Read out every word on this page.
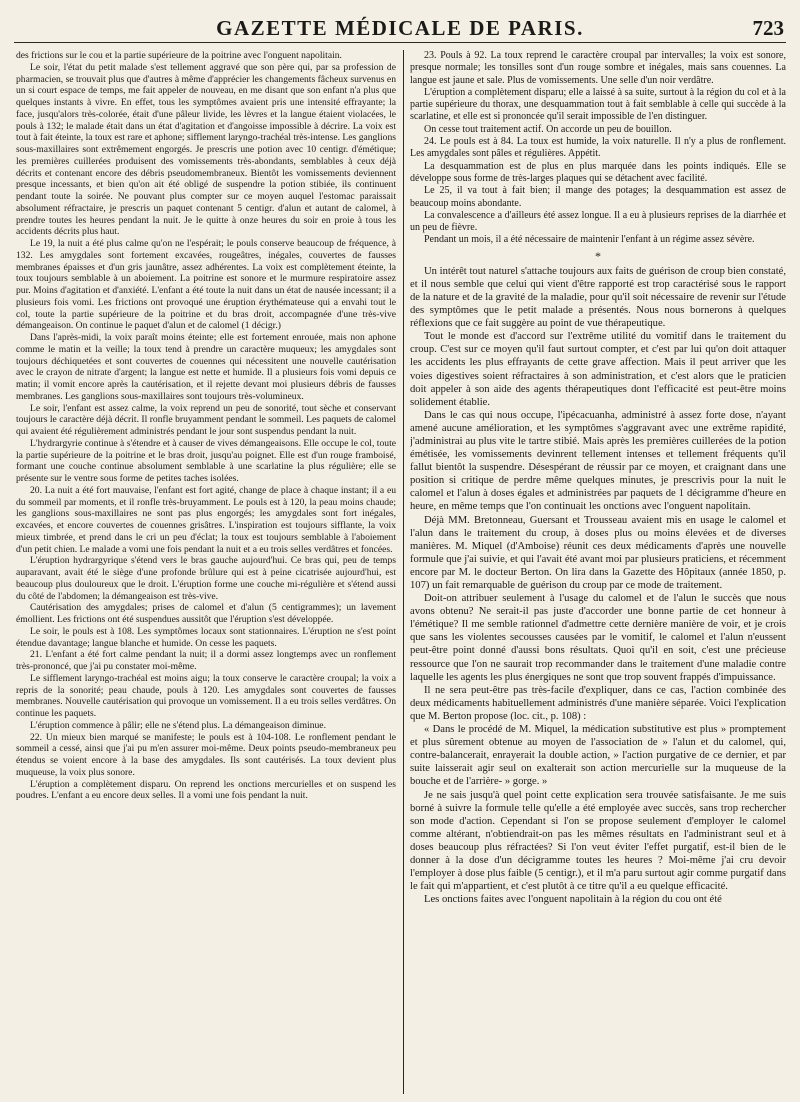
GAZETTE MÉDICALE DE PARIS.	723

des frictions sur le cou et la partie supérieure de la poitrine avec l'onguent napolitain.

Le soir, l'état du petit malade s'est tellement aggravé que son père qui, par sa profession de pharmacien, se trouvait plus que d'autres à même d'apprécier les changements fâcheux survenus en un si court espace de temps, me fait appeler de nouveau, en me disant que son enfant n'a plus que quelques instants à vivre. En effet, tous les symptômes avaient pris une intensité effrayante; la face, jusqu'alors très-colorée, était d'une pâleur livide, les lèvres et la langue étaient violacées, le pouls à 132; le malade était dans un état d'agitation et d'angoisse impossible à décrire. La voix est tout à fait éteinte, la toux est rare et aphone; sifflement laryngo-trachéal très-intense. Les ganglions sous-maxillaires sont extrêmement engorgés. Je prescris une potion avec 10 centigr. d'émétique; les premières cuillerées produisent des vomissements très-abondants, semblables à ceux déjà décrits et contenant encore des débris pseudomembraneux. Bientôt les vomissements deviennent presque incessants, et bien qu'on ait été obligé de suspendre la potion stibiée, ils continuent pendant toute la soirée. Ne pouvant plus compter sur ce moyen auquel l'estomac paraissait absolument réfractaire, je prescris un paquet contenant 5 centigr. d'alun et autant de calomel, à prendre toutes les heures pendant la nuit. Je le quitte à onze heures du soir en proie à tous les accidents décrits plus haut.

Le 19, la nuit a été plus calme qu'on ne l'espérait; le pouls conserve beaucoup de fréquence, à 132. Les amygdales sont fortement excavées, rougeâtres, inégales, couvertes de fausses membranes épaisses et d'un gris jaunâtre, assez adhérentes. La voix est complètement éteinte, la toux toujours semblable à un aboiement. La poitrine est sonore et le murmure respiratoire assez pur. Moins d'agitation et d'anxiété. L'enfant a été toute la nuit dans un état de nausée incessant; il a plusieurs fois vomi. Les frictions ont provoqué une éruption érythémateuse qui a envahi tout le col, toute la partie supérieure de la poitrine et du bras droit, accompagnée d'une très-vive démangeaison. On continue le paquet d'alun et de calomel (1 décigr.)

Dans l'après-midi, la voix paraît moins éteinte; elle est fortement enrouée, mais non aphone comme le matin et la veille; la toux tend à prendre un caractère muqueux; les amygdales sont toujours déchiquetées et sont couvertes de couennes qui nécessitent une nouvelle cautérisation avec le crayon de nitrate d'argent; la langue est nette et humide. Il a plusieurs fois vomi depuis ce matin; il vomit encore après la cautérisation, et il rejette devant moi plusieurs débris de fausses membranes. Les ganglions sous-maxillaires sont toujours très-volumineux.

Le soir, l'enfant est assez calme, la voix reprend un peu de sonorité, tout sèche et conservant toujours le caractère déjà décrit. Il ronfle bruyamment pendant le sommeil. Les paquets de calomel qui avaient été régulièrement administrés pendant le jour sont suspendus pendant la nuit.

L'hydrargyrie continue à s'étendre et à causer de vives démangeaisons. Elle occupe le col, toute la partie supérieure de la poitrine et le bras droit, jusqu'au poignet. Elle est d'un rouge framboisé, formant une couche continue absolument semblable à une scarlatine la plus régulière; elle se présente sur le ventre sous forme de petites taches isolées.

20. La nuit a été fort mauvaise, l'enfant est fort agité, change de place à chaque instant; il a eu du sommeil par moments, et il ronfle très-bruyamment. Le pouls est à 120, la peau moins chaude; les ganglions sous-maxillaires ne sont pas plus engorgés; les amygdales sont fort inégales, excavées, et encore couvertes de couennes grisâtres. L'inspiration est toujours sifflante, la voix mieux timbrée, et prend dans le cri un peu d'éclat; la toux est toujours semblable à l'aboiement d'un petit chien. Le malade a vomi une fois pendant la nuit et a eu trois selles verdâtres et foncées.

L'éruption hydrargyrique s'étend vers le bras gauche aujourd'hui. Ce bras qui, peu de temps auparavant, avait été le siège d'une profonde brûlure qui est à peine cicatrisée aujourd'hui, est beaucoup plus douloureux que le droit. L'éruption forme une couche mi-régulière et s'étend aussi du côté de l'abdomen; la démangeaison est très-vive.

Cautérisation des amygdales; prises de calomel et d'alun (5 centigrammes); un lavement émollient. Les frictions ont été suspendues aussitôt que l'éruption s'est développée.

Le soir, le pouls est à 108. Les symptômes locaux sont stationnaires. L'éruption ne s'est point étendue davantage; langue blanche et humide. On cesse les paquets.

21. L'enfant a été fort calme pendant la nuit; il a dormi assez longtemps avec un ronflement très-prononcé, que j'ai pu constater moi-même.

Le sifflement laryngo-trachéal est moins aigu; la toux conserve le caractère croupal; la voix a repris de la sonorité; peau chaude, pouls à 120. Les amygdales sont couvertes de fausses membranes. Nouvelle cautérisation qui provoque un vomissement. Il a eu trois selles verdâtres. On continue les paquets.

L'éruption commence à pâlir; elle ne s'étend plus. La démangeaison diminue.

22. Un mieux bien marqué se manifeste; le pouls est à 104-108. Le ronflement pendant le sommeil a cessé, ainsi que j'ai pu m'en assurer moi-même. Deux points pseudo-membraneux peu étendus se voient encore à la base des amygdales. Ils sont cautérisés. La toux devient plus muqueuse, la voix plus sonore.

L'éruption a complètement disparu. On reprend les onctions mercurielles et on suspend les poudres. L'enfant a eu encore deux selles. Il a vomi une fois pendant la nuit.

23. Pouls à 92. La toux reprend le caractère croupal par intervalles; la voix est sonore, presque normale; les tonsilles sont d'un rouge sombre et inégales, mais sans couennes. La langue est jaune et sale. Plus de vomissements. Une selle d'un noir verdâtre.

L'éruption a complètement disparu; elle a laissé à sa suite, surtout à la région du col et à la partie supérieure du thorax, une desquammation tout à fait semblable à celle qui succède à la scarlatine, et elle est si prononcée qu'il serait impossible de l'en distinguer.

On cesse tout traitement actif. On accorde un peu de bouillon.

24. Le pouls est à 84. La toux est humide, la voix naturelle. Il n'y a plus de ronflement. Les amygdales sont pâles et régulières. Appétit.

La desquammation est de plus en plus marquée dans les points indiqués. Elle se développe sous forme de très-larges plaques qui se détachent avec facilité.

Le 25, il va tout à fait bien; il mange des potages; la desquammation est assez de beaucoup moins abondante.

La convalescence a d'ailleurs été assez longue. Il a eu à plusieurs reprises de la diarrhée et un peu de fièvre.

Pendant un mois, il a été nécessaire de maintenir l'enfant à un régime assez sévère.

*

Un intérêt tout naturel s'attache toujours aux faits de guérison de croup bien constaté, et il nous semble que celui qui vient d'être rapporté est trop caractérisé sous le rapport de la nature et de la gravité de la maladie, pour qu'il soit nécessaire de revenir sur l'étude des symptômes que le petit malade a présentés. Nous nous bornerons à quelques réflexions que ce fait suggère au point de vue thérapeutique.

Tout le monde est d'accord sur l'extrême utilité du vomitif dans le traitement du croup. C'est sur ce moyen qu'il faut surtout compter, et c'est par lui qu'on doit attaquer les accidents les plus effrayants de cette grave affection. Mais il peut arriver que les voies digestives soient réfractaires à son administration, et c'est alors que le praticien doit appeler à son aide des agents thérapeutiques dont l'efficacité est peut-être moins solidement établie.

Dans le cas qui nous occupe, l'ipécacuanha, administré à assez forte dose, n'ayant amené aucune amélioration, et les symptômes s'aggravant avec une extrême rapidité, j'administrai au plus vite le tartre stibié. Mais après les premières cuillerées de la potion émétisée, les vomissements devinrent tellement intenses et tellement fréquents qu'il fallut bientôt la suspendre. Désespérant de réussir par ce moyen, et craignant dans une position si critique de perdre même quelques minutes, je prescrivis pour la nuit le calomel et l'alun à doses égales et administrées par paquets de 1 décigramme d'heure en heure, en même temps que l'on continuait les onctions avec l'onguent napolitain.

Déjà MM. Bretonneau, Guersant et Trousseau avaient mis en usage le calomel et l'alun dans le traitement du croup, à doses plus ou moins élevées et de diverses manières. M. Miquel (d'Amboise) réunit ces deux médicaments d'après une nouvelle formule que j'ai suivie, et qui l'avait été avant moi par plusieurs praticiens, et récemment encore par M. le docteur Berton. On lira dans la Gazette des Hôpitaux (année 1850, p. 107) un fait remarquable de guérison du croup par ce mode de traitement.

Doit-on attribuer seulement à l'usage du calomel et de l'alun le succès que nous avons obtenu? Ne serait-il pas juste d'accorder une bonne partie de cet honneur à l'émétique? Il me semble rationnel d'admettre cette dernière manière de voir, et je crois que sans les violentes secousses causées par le vomitif, le calomel et l'alun n'eussent peut-être point donné d'aussi bons résultats. Quoi qu'il en soit, c'est une précieuse ressource que l'on ne saurait trop recommander dans le traitement d'une maladie contre laquelle les agents les plus énergiques ne sont que trop souvent frappés d'impuissance.

Il ne sera peut-être pas très-facile d'expliquer, dans ce cas, l'action combinée des deux médicaments habituellement administrés d'une manière séparée. Voici l'explication que M. Berton propose (loc. cit., p. 108) :

« Dans le procédé de M. Miquel, la médication substitutive est plus » promptement et plus sûrement obtenue au moyen de l'association de » l'alun et du calomel, qui, contre-balancerait, enrayerait la double action, » l'action purgative de ce dernier, et par suite laisserait agir seul on exalterait son action mercurielle sur la muqueuse de la bouche et de l'arrière- » gorge. »

Je ne sais jusqu'à quel point cette explication sera trouvée satisfaisante. Je me suis borné à suivre la formule telle qu'elle a été employée avec succès, sans trop rechercher son mode d'action. Cependant si l'on se propose seulement d'employer le calomel comme altérant, n'obtiendrait-on pas les mêmes résultats en l'administrant seul et à doses beaucoup plus réfractées? Si l'on veut éviter l'effet purgatif, est-il bien de le donner à la dose d'un décigramme toutes les heures ? Moi-même j'ai cru devoir l'employer à dose plus faible (5 centigr.), et il m'a paru surtout agir comme purgatif dans le fait qui m'appartient, et c'est plutôt à ce titre qu'il a eu quelque efficacité.

Les onctions faites avec l'onguent napolitain à la région du cou ont été
